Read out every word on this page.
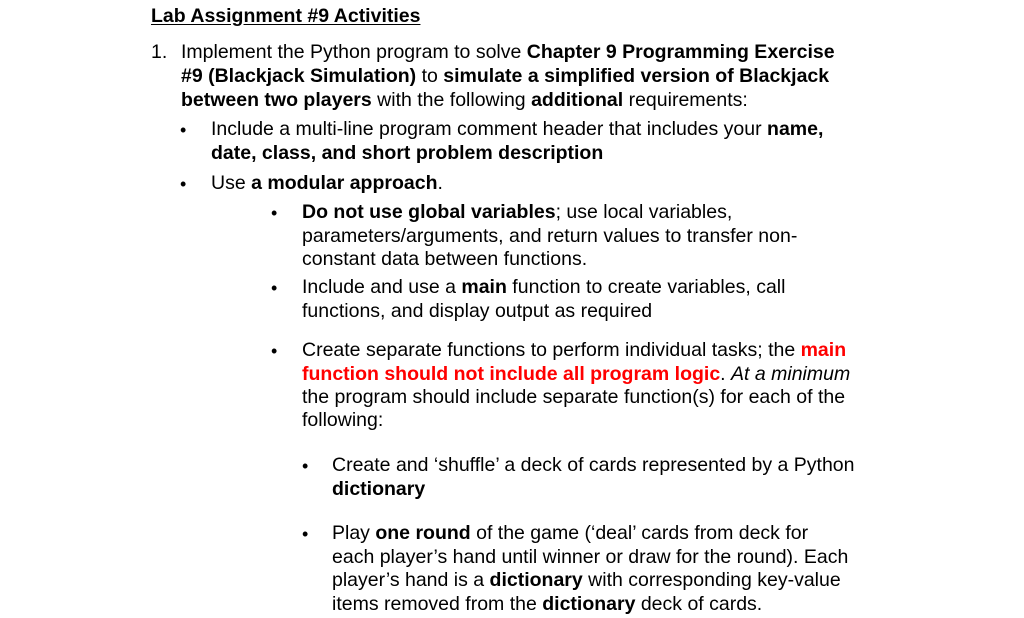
Lab Assignment #9 Activities
1. Implement the Python program to solve Chapter 9 Programming Exercise
#9 (Blackjack Simulation) to simulate a simplified version of Blackjack
between two players with the following additional requirements:
• Include a multi-line program comment header that includes your name,
date, class, and short problem description
• Use a modular approach.
• Do not use global variables; use local variables,
parameters/arguments, and return values to transfer non-
constant data between functions.
• Include and use a main function to create variables, call
functions, and display output as required
• Create separate functions to perform individual tasks; the main
function should not include all program logic. At a minimum
the program should include separate function(s) for each of the
following:
• Create and ‘shuffle’ a deck of cards represented by a Python
dictionary
• Play one round of the game (‘deal’ cards from deck for
each player’s hand until winner or draw for the round). Each
player’s hand is a dictionary with corresponding key-value
items removed from the dictionary deck of cards.
